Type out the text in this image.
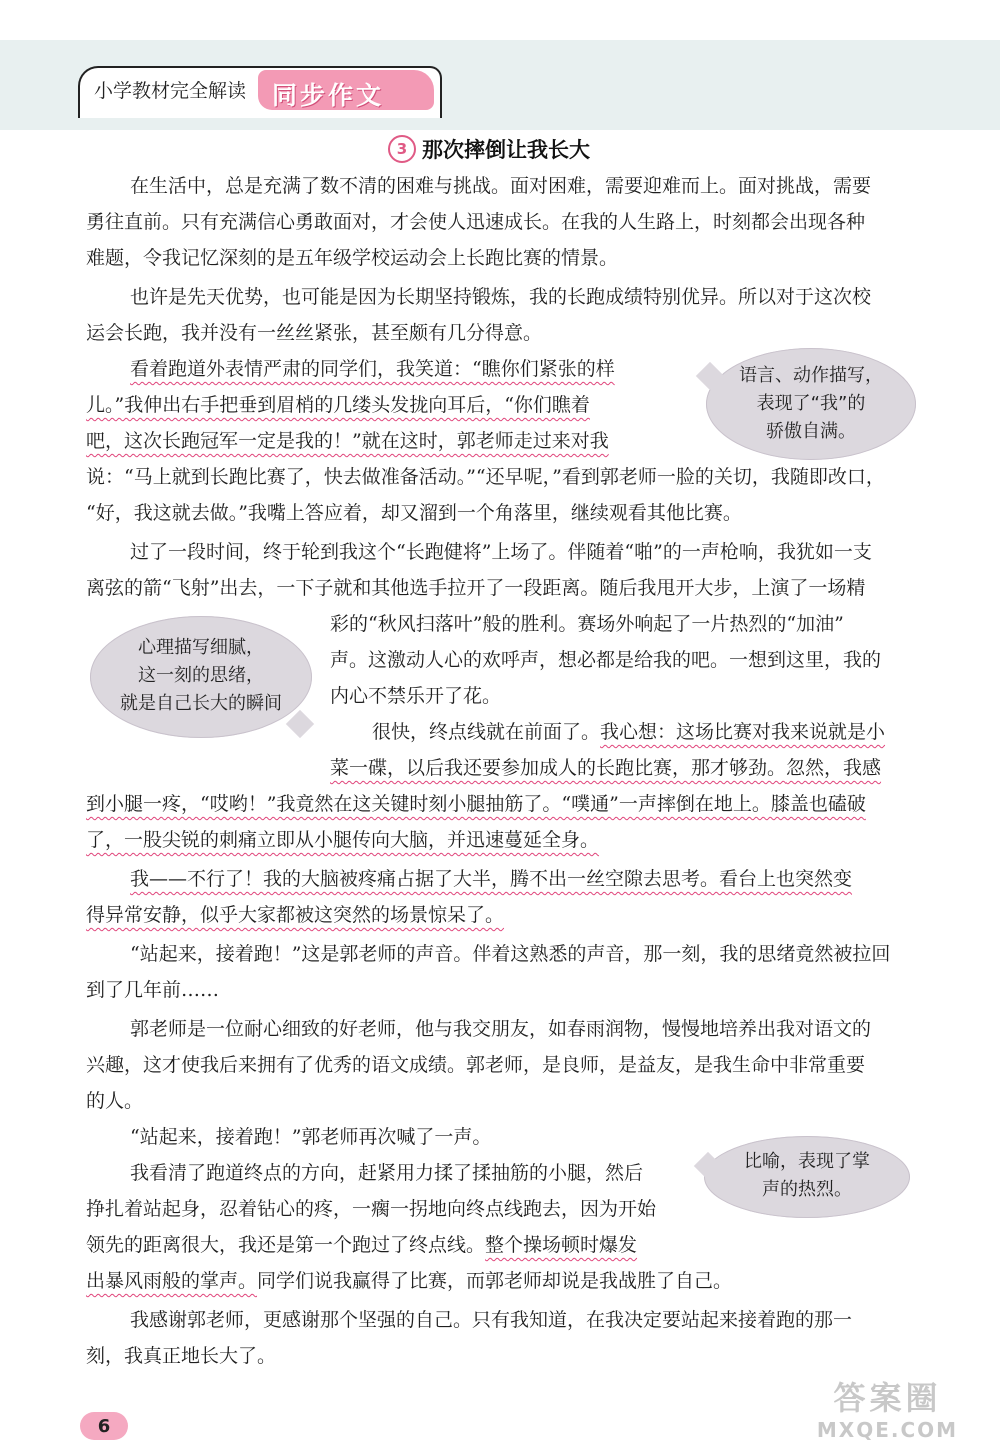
小学教材完全解读 同步作文
3 那次摔倒让我长大
在生活中，总是充满了数不清的困难与挑战。面对困难，需要迎难而上。面对挑战，需要
勇往直前。只有充满信心勇敢面对，才会使人迅速成长。在我的人生路上，时刻都会出现各种
难题，令我记忆深刻的是五年级学校运动会上长跑比赛的情景。
也许是先天优势，也可能是因为长期坚持锻炼，我的长跑成绩特别优异。所以对于这次校
运会长跑，我并没有一丝丝紧张，甚至颇有几分得意。
看着跑道外表情严肃的同学们，我笑道：“瞧你们紧张的样
儿。”我伸出右手把垂到眉梢的几缕头发拢向耳后，“你们瞧着
吧，这次长跑冠军一定是我的！”就在这时，郭老师走过来对我
说：“马上就到长跑比赛了，快去做准备活动。”“还早呢，”看到郭老师一脸的关切，我随即改口，
“好，我这就去做。”我嘴上答应着，却又溜到一个角落里，继续观看其他比赛。
过了一段时间，终于轮到我这个“长跑健将”上场了。伴随着“啪”的一声枪响，我犹如一支
离弦的箭“飞射”出去，一下子就和其他选手拉开了一段距离。随后我甩开大步，上演了一场精
彩的“秋风扫落叶”般的胜利。赛场外响起了一片热烈的“加油”
声。这激动人心的欢呼声，想必都是给我的吧。一想到这里，我的
内心不禁乐开了花。
很快，终点线就在前面了。我心想：这场比赛对我来说就是小
菜一碟，以后我还要参加成人的长跑比赛，那才够劲。忽然，我感
到小腿一疼，“哎哟！”我竟然在这关键时刻小腿抽筋了。“噗通”一声摔倒在地上。膝盖也磕破
了，一股尖锐的刺痛立即从小腿传向大脑，并迅速蔓延全身。
我——不行了！我的大脑被疼痛占据了大半，腾不出一丝空隙去思考。看台上也突然变
得异常安静，似乎大家都被这突然的场景惊呆了。
“站起来，接着跑！”这是郭老师的声音。伴着这熟悉的声音，那一刻，我的思绪竟然被拉回
到了几年前……
郭老师是一位耐心细致的好老师，他与我交朋友，如春雨润物，慢慢地培养出我对语文的
兴趣，这才使我后来拥有了优秀的语文成绩。郭老师，是良师，是益友，是我生命中非常重要
的人。
“站起来，接着跑！”郭老师再次喊了一声。
我看清了跑道终点的方向，赶紧用力揉了揉抽筋的小腿，然后
挣扎着站起身，忍着钻心的疼，一瘸一拐地向终点线跑去，因为开始
领先的距离很大，我还是第一个跑过了终点线。整个操场顿时爆发
出暴风雨般的掌声。同学们说我赢得了比赛，而郭老师却说是我战胜了自己。
我感谢郭老师，更感谢那个坚强的自己。只有我知道，在我决定要站起来接着跑的那一
刻，我真正地长大了。

语言、动作描写，

表现了“我”的

骄傲自满。

心理描写细腻，

这一刻的思绪，

就是自己长大的瞬间

比喻，表现了掌

声的热烈。

6
答案圈
MXQE.COM
